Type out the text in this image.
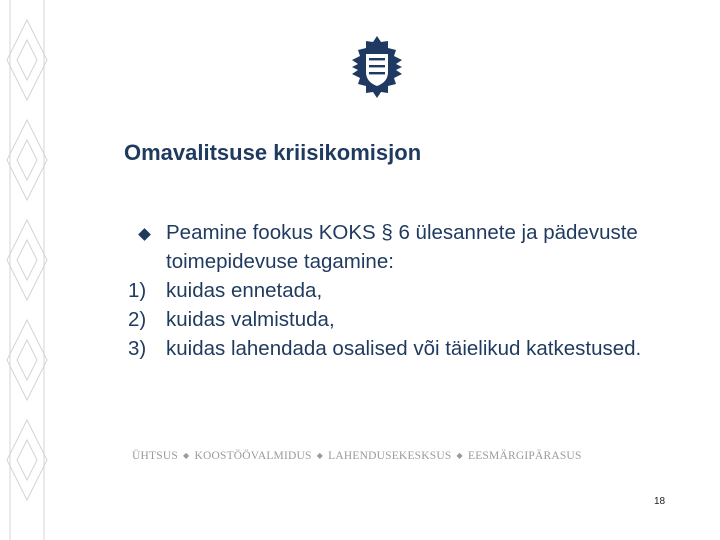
Omavalitsuse kriisikomisjon
Peamine fookus KOKS § 6 ülesannete ja pädevuste toimepidevuse tagamine:
1) kuidas ennetada,
2) kuidas valmistuda,
3) kuidas lahendada osalised või täielikud katkestused.
ÜHTSUS ◆ KOOSTÖÖVALMIDUS ◆ LAHENDUSEKESKSUS ◆ EESMÄRGIPÄRASUS
18
